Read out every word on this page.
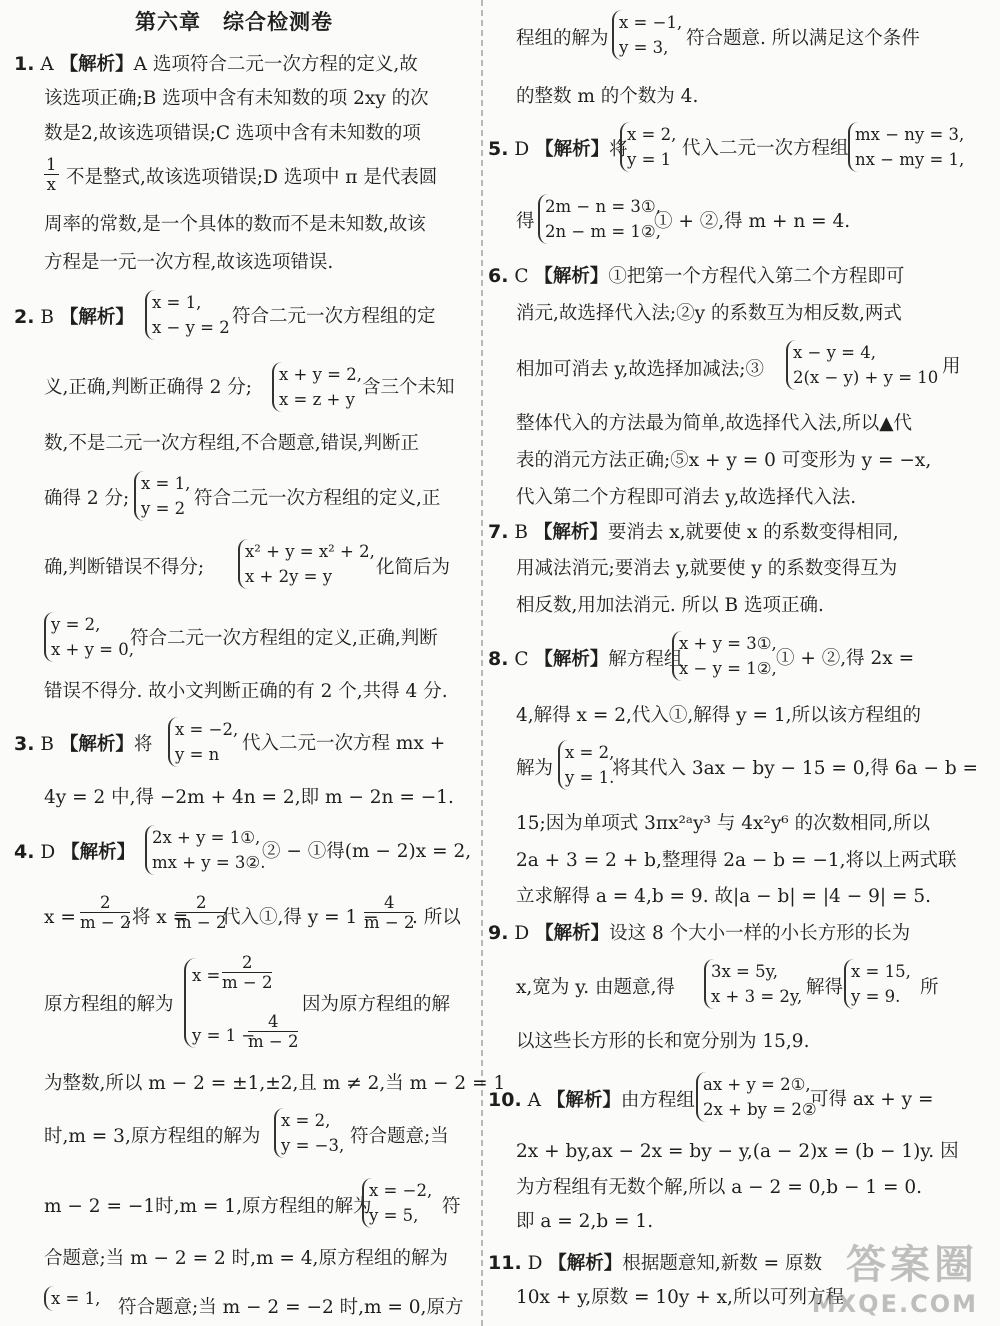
第六章　综合检测卷
1. A 【解析】A 选项符合二元一次方程的定义,故
该选项正确;B 选项中含有未知数的项 2xy 的次
数是2,故该选项错误;C 选项中含有未知数的项
$\frac{1}{x}$ 不是整式,故该选项错误;D 选项中 π 是代表圆
周率的常数,是一个具体的数而不是未知数,故该
方程是一元一次方程,故该选项错误.
2. B 【解析】
x = 1,
x − y = 2
符合二元一次方程组的定
义,正确,判断正确得 2 分;
x + y = 2,
x = z + y
含三个未知
数,不是二元一次方程组,不合题意,错误,判断正
确得 2 分;
x = 1,
y = 2 符合二元一次方程组的定义,正
确,判断错误不得分;
x² + y = x² + 2,
x + 2y = y	化简后为
y = 2,
x + y = 0,
符合二元一次方程组的定义,正确,判断
错误不得分. 故小文判断正确的有 2 个,共得 4 分.
3. B 【解析】将
x = −2,
y = n
代入二元一次方程 mx +
4y = 2 中,得 −2m + 4n = 2,即 m − 2n = −1.
4. D 【解析】
2x + y = 1①,
mx + y = 3②.
② − ①得(m − 2)x = 2,
$x = \frac{2}{m - 2}$
,将 x =
$\frac{2}{m - 2}$
代入①,得 y = 1 −
$\frac{4}{m - 2}$
. 所以
原方程组的解为
$x = \frac{2}{m - 2}$
y = 1 −
$\frac{4}{m - 2}$
因为原方程组的解
为整数,所以 m − 2 = ±1,±2,且 m ≠ 2,当 m − 2 = 1
时,m = 3,原方程组的解为
x = 2,
y = −3, 符合题意;当
m − 2 = −1时,m = 1,原方程组的解为
x = −2,
y = 5,	符
合题意;当 m − 2 = 2 时,m = 4,原方程组的解为
x = 1, 符合题意;当 m − 2 = −2 时,m = 0,原方
程组的解为
x = −1,
y = 3, 符合题意. 所以满足这个条件
的整数 m 的个数为 4.
5. D 【解析】将
x = 2,
y = 1
代入二元一次方程组
mx − ny = 3,
nx − my = 1,
得
2m − n = 3①,
2n − m = 1②,
① + ②,得 m + n = 4.
6. C 【解析】①把第一个方程代入第二个方程即可
消元,故选择代入法;②y 的系数互为相反数,两式
相加可消去 y,故选择加减法;③
x − y = 4,
2(x − y) + y = 10
用
整体代入的方法最为简单,故选择代入法,所以▲代
表的消元方法正确;⑤x + y = 0 可变形为 y = −x,
代入第二个方程即可消去 y,故选择代入法.
7. B 【解析】要消去 x,就要使 x 的系数变得相同,
用减法消元;要消去 y,就要使 y 的系数变得互为
相反数,用加法消元. 所以 B 选项正确.
8. C 【解析】解方程组
x + y = 3①,
x − y = 1②, ① + ②,得 2x =
4,解得 x = 2,代入①,解得 y = 1,所以该方程组的
解为
x = 2,
y = 1.
将其代入 3ax − by − 15 = 0,得 6a − b =
15;因为单项式 3πx²ᵃy³ 与 4x²y⁶ 的次数相同,所以
2a + 3 = 2 + b,整理得 2a − b = −1,将以上两式联
立求解得 a = 4,b = 9. 故|a − b| = |4 − 9| = 5.
9. D 【解析】设这 8 个大小一样的小长方形的长为
x,宽为 y. 由题意,得
3x = 5y,
x + 3 = 2y, 解得
x = 15,
y = 9.	所
以这些长方形的长和宽分别为 15,9.
10. A 【解析】由方程组
ax + y = 2①,
2x + by = 2②
可得 ax + y =
2x + by,ax − 2x = by − y,(a − 2)x = (b − 1)y. 因
为方程组有无数个解,所以 a − 2 = 0,b − 1 = 0.
即 a = 2,b = 1.
11. D 【解析】根据题意知,新数 = 原数
10x + y,原数 = 10y + x,所以可列方程
答案圈
MXQE.COM
